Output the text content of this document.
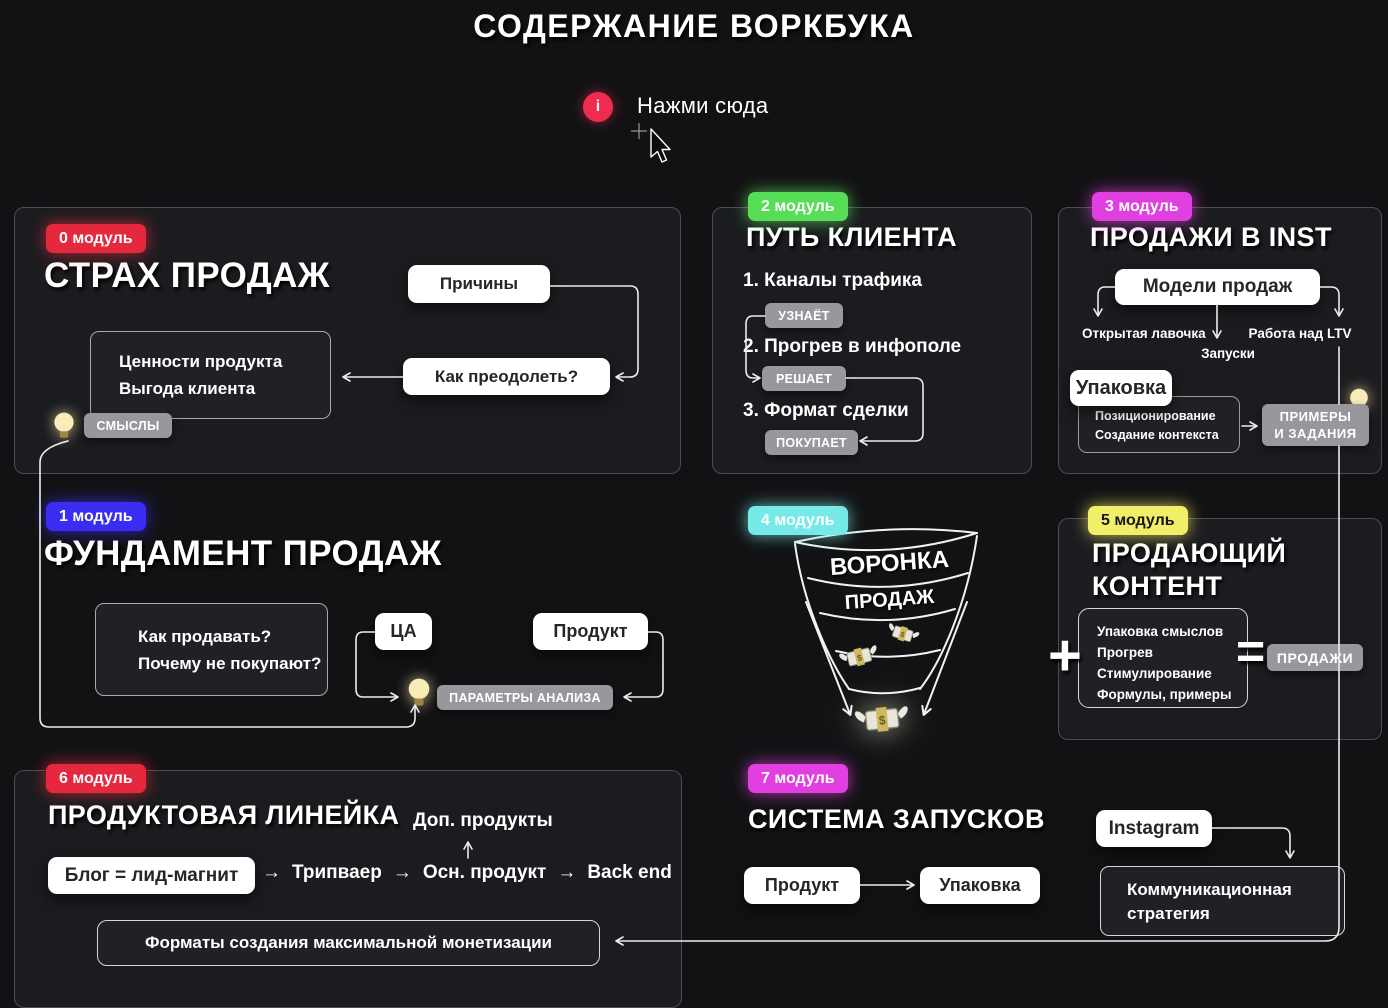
СОДЕРЖАНИЕ ВОРКБУКА
i Нажми сюда
0 модуль
СТРАХ ПРОДАЖ	Причины
Ценности продукта
Выгода клиента
Как преодолеть?
СМЫСЛЫ
1 модуль
ФУНДАМЕНТ ПРОДАЖ
Как продавать?
Почему не покупают?
ЦА	Продукт
ПАРАМЕТРЫ АНАЛИЗА
2 модуль
ПУТЬ КЛИЕНТА
1. Каналы трафика
УЗНАЁТ
2. Прогрев в инфополе
РЕШАЕТ
3. Формат сделки
ПОКУПАЕТ
3 модуль
ПРОДАЖИ В INST
Модели продаж
Открытая лавочка
Запуски
Работа над LTV
Упаковка
Позиционирование
Создание контекста
ПРИМЕРЫ
И ЗАДАНИЯ
4 модуль
ВОРОНКА
ПРОДАЖ
$
$
$
5 модуль
ПРОДАЮЩИЙ
КОНТЕНТ
+ Упаковка смыслов
Прогрев
Стимулирование
Формулы, примеры
= ПРОДАЖИ
6 модуль
ПРОДУКТОВАЯ ЛИНЕЙКА Доп. продукты
Блог = лид-магнит	→ Трипваер → Осн. продукт → Back end
Форматы создания максимальной монетизации
7 модуль
СИСТЕМА ЗАПУСКОВ
Продукт	Упаковка
Instagram
Коммуникационная
стратегия
